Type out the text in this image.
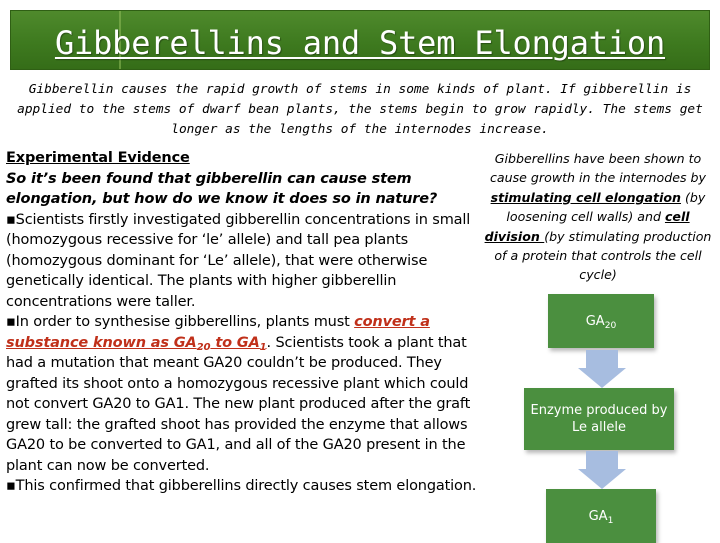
Gibberellins and Stem Elongation
Gibberellin causes the rapid growth of stems in some kinds of plant. If gibberellin is applied to the stems of dwarf bean plants, the stems begin to grow rapidly. The stems get longer as the lengths of the internodes increase.

Experimental Evidence

So it’s been found that gibberellin can cause stem elongation, but how do we know it does so in nature?

▪Scientists firstly investigated gibberellin concentrations in small (homozygous recessive for ‘le’ allele) and tall pea plants (homozygous dominant for ‘Le’ allele), that were otherwise genetically identical. The plants with higher gibberellin concentrations were taller.

▪In order to synthesise gibberellins, plants must convert a substance known as $GA_{20}$ to $GA_1$. Scientists took a plant that had a mutation that meant GA20 couldn’t be produced. They grafted its shoot onto a homozygous recessive plant which could not convert GA20 to GA1. The new plant produced after the graft grew tall: the grafted shoot has provided the enzyme that allows GA20 to be converted to GA1, and all of the GA20 present in the plant can now be converted.

▪This confirmed that gibberellins directly causes stem elongation.

Gibberellins have been shown to cause growth in the internodes by stimulating cell elongation (by loosening cell walls) and cell division (by stimulating production of a protein that controls the cell cycle)
$GA_{20}$
Enzyme produced by Le allele
$GA_1$
